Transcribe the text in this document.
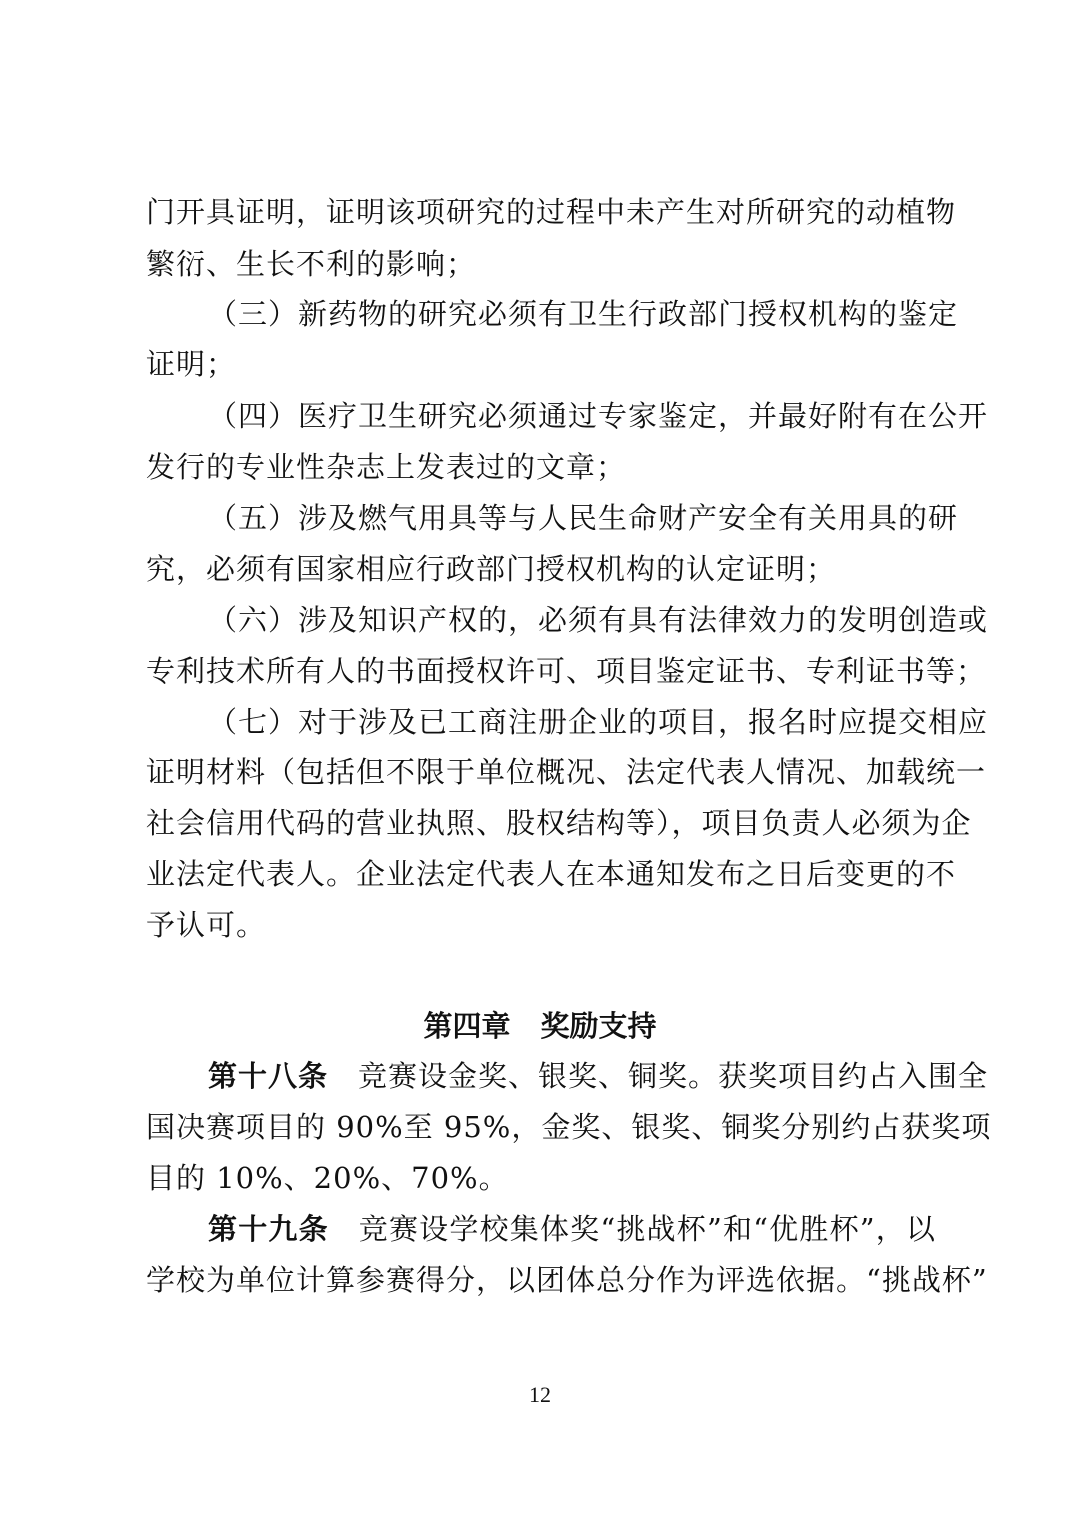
门开具证明，证明该项研究的过程中未产生对所研究的动植物
繁衍、生长不利的影响；
（三）新药物的研究必须有卫生行政部门授权机构的鉴定
证明；
（四）医疗卫生研究必须通过专家鉴定，并最好附有在公开
发行的专业性杂志上发表过的文章；
（五）涉及燃气用具等与人民生命财产安全有关用具的研
究，必须有国家相应行政部门授权机构的认定证明；
（六）涉及知识产权的，必须有具有法律效力的发明创造或
专利技术所有人的书面授权许可、项目鉴定证书、专利证书等；
（七）对于涉及已工商注册企业的项目，报名时应提交相应
证明材料（包括但不限于单位概况、法定代表人情况、加载统一
社会信用代码的营业执照、股权结构等），项目负责人必须为企
业法定代表人。企业法定代表人在本通知发布之日后变更的不
予认可。
第四章 奖励支持
第十八条 竞赛设金奖、银奖、铜奖。获奖项目约占入围全
国决赛项目的 90%至 95%，金奖、银奖、铜奖分别约占获奖项
目的 10%、20%、70%。
第十九条 竞赛设学校集体奖“挑战杯”和“优胜杯”，以
学校为单位计算参赛得分，以团体总分作为评选依据。“挑战杯”
12
